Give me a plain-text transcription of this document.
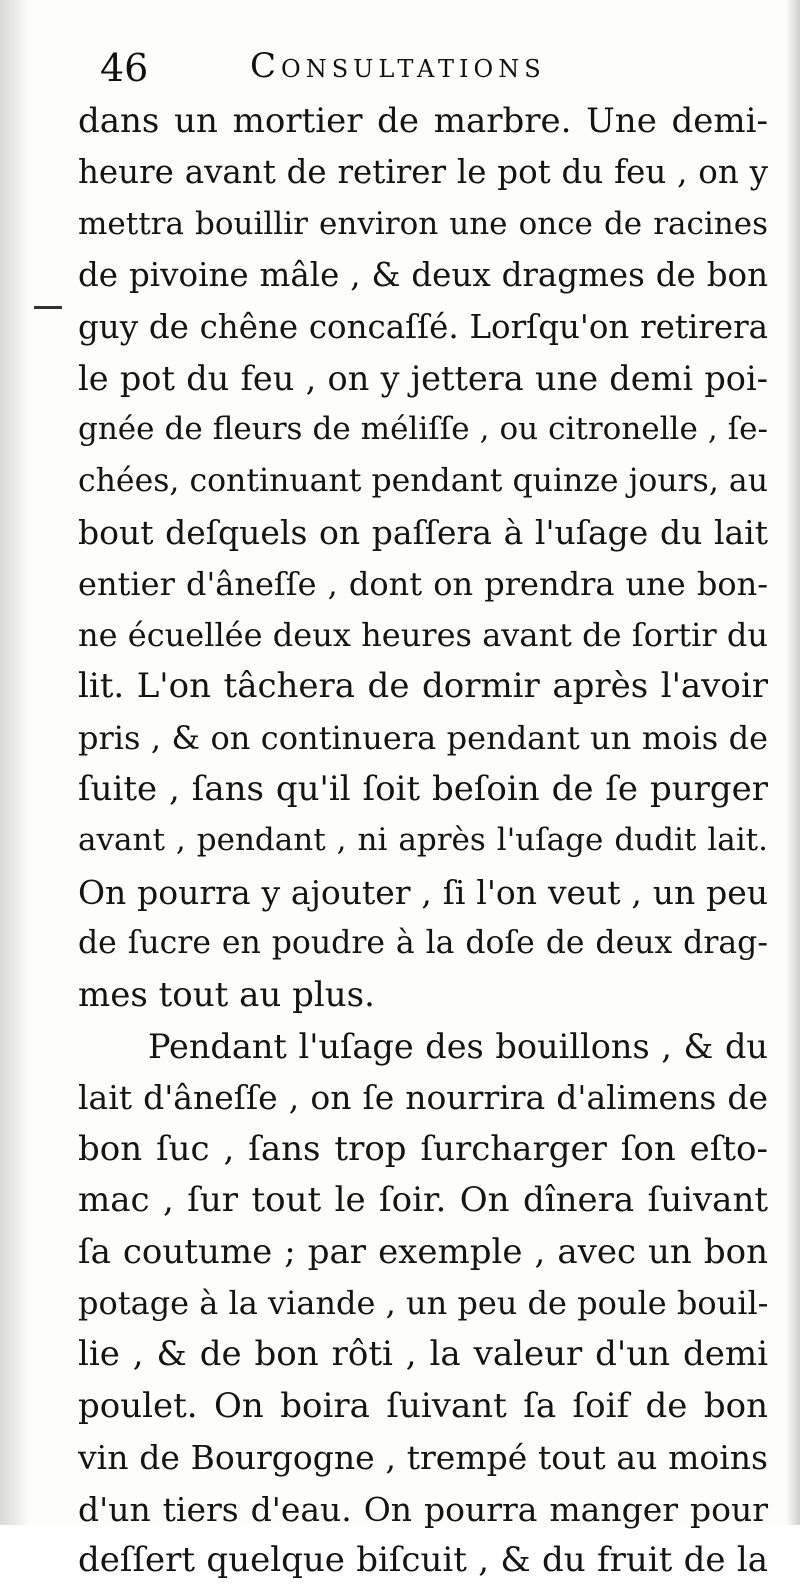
46	Consultations
dans un mortier de marbre. Une demi-
heure avant de retirer le pot du feu , on y
mettra bouillir environ une once de racines
de pivoine mâle , & deux dragmes de bon
guy de chêne concaſſé. Lorſqu'on retirera
le pot du feu , on y jettera une demi poi-
gnée de fleurs de méliſſe , ou citronelle , ſe-
chées, continuant pendant quinze jours, au
bout deſquels on paſſera à l'uſage du lait
entier d'âneſſe , dont on prendra une bon-
ne écuellée deux heures avant de ſortir du
lit. L'on tâchera de dormir après l'avoir
pris , & on continuera pendant un mois de
ſuite , ſans qu'il ſoit beſoin de ſe purger
avant , pendant , ni après l'uſage dudit lait.
On pourra y ajouter , ſi l'on veut , un peu
de ſucre en poudre à la doſe de deux drag-
mes tout au plus.
Pendant l'uſage des bouillons , & du
lait d'âneſſe , on ſe nourrira d'alimens de
bon ſuc , ſans trop ſurcharger ſon eſto-
mac , ſur tout le ſoir. On dînera ſuivant
ſa coutume ; par exemple , avec un bon
potage à la viande , un peu de poule bouil-
lie , & de bon rôti , la valeur d'un demi
poulet. On boira ſuivant ſa ſoif de bon
vin de Bourgogne , trempé tout au moins
d'un tiers d'eau. On pourra manger pour
deſſert quelque biſcuit , & du fruit de la
